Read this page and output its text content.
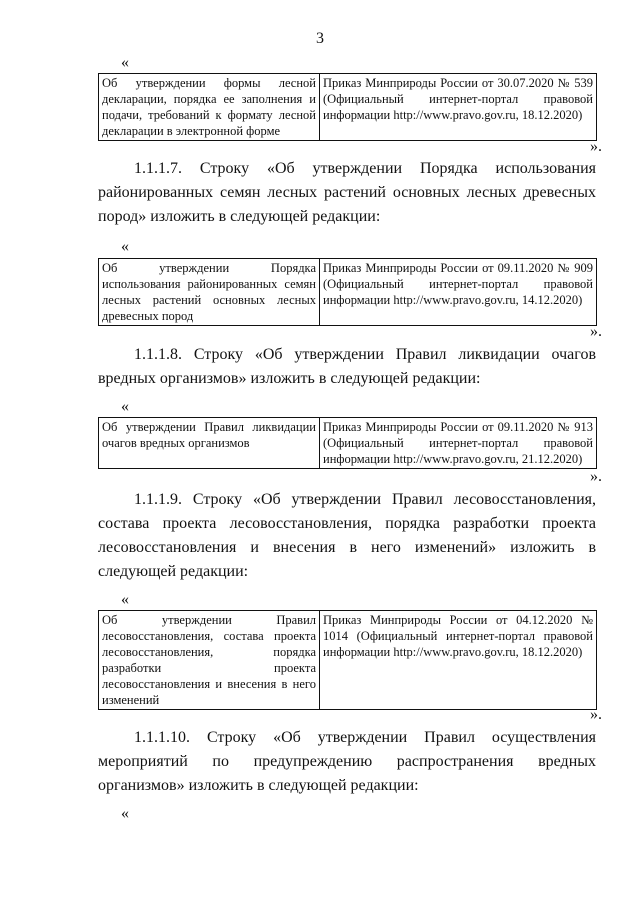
3
«
Об утверждении формы лесной декларации, порядка ее заполнения и подачи, требований к формату лесной декларации в электронной форме	Приказ Минприроды России от 30.07.2020 № 539 (Официальный интернет-портал правовой информации http://www.pravo.gov.ru, 18.12.2020)
».
1.1.1.7. Строку «Об утверждении Порядка использования районированных семян лесных растений основных лесных древесных пород» изложить в следующей редакции:
«
Об утверждении Порядка использования районированных семян лесных растений основных лесных древесных пород	Приказ Минприроды России от 09.11.2020 № 909 (Официальный интернет-портал правовой информации http://www.pravo.gov.ru, 14.12.2020)
».
1.1.1.8. Строку «Об утверждении Правил ликвидации очагов вредных организмов» изложить в следующей редакции:
«
Об утверждении Правил ликвидации очагов вредных организмов	Приказ Минприроды России от 09.11.2020 № 913 (Официальный интернет-портал правовой информации http://www.pravo.gov.ru, 21.12.2020)
».
1.1.1.9. Строку «Об утверждении Правил лесовосстановления, состава проекта лесовосстановления, порядка разработки проекта лесовосстановления и внесения в него изменений» изложить в следующей редакции:
«
Об утверждении Правил лесовосстановления, состава проекта лесовосстановления, порядка разработки проекта лесовосстановления и внесения в него изменений	Приказ Минприроды России от 04.12.2020 № 1014 (Официальный интернет-портал правовой информации http://www.pravo.gov.ru, 18.12.2020)
».
1.1.1.10. Строку «Об утверждении Правил осуществления мероприятий по предупреждению распространения вредных организмов» изложить в следующей редакции:
«
